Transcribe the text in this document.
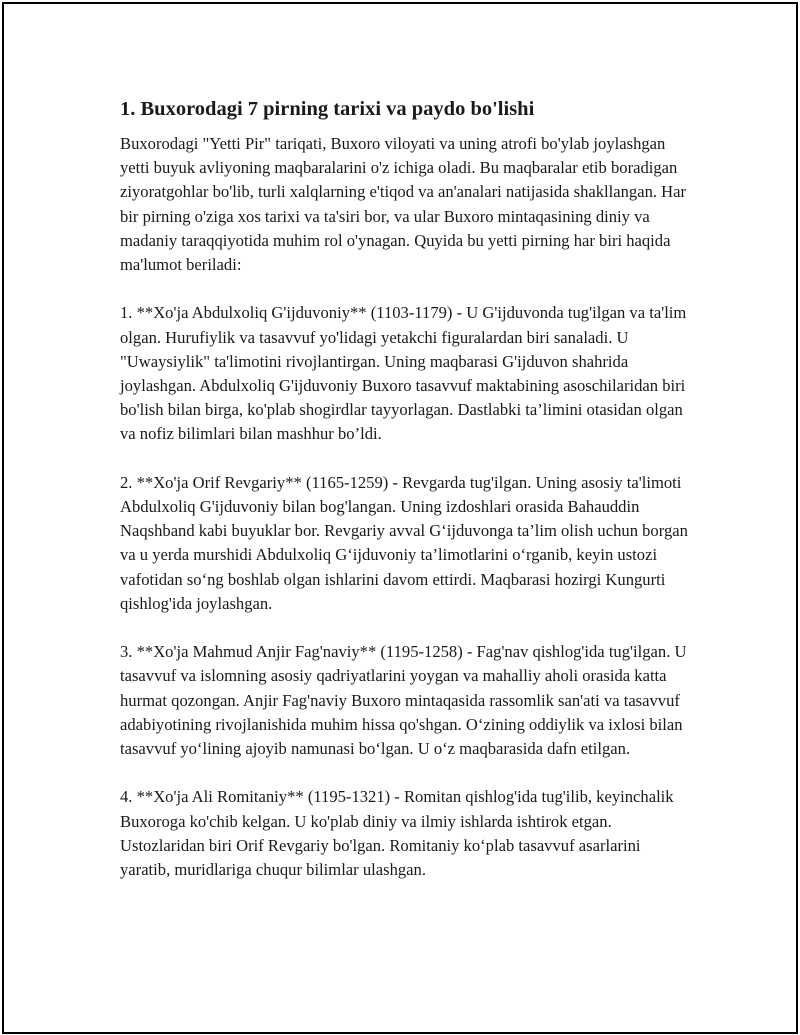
1. Buxorodagi 7 pirning tarixi va paydo bo'lishi

Buxorodagi "Yetti Pir" tariqati, Buxoro viloyati va uning atrofi bo'ylab joylashgan yetti buyuk avliyoning maqbaralarini o'z ichiga oladi. Bu maqbaralar etib boradigan ziyoratgohlar bo'lib, turli xalqlarning e'tiqod va an'analari natijasida shakllangan. Har bir pirning o'ziga xos tarixi va ta'siri bor, va ular Buxoro mintaqasining diniy va madaniy taraqqiyotida muhim rol o'ynagan. Quyida bu yetti pirning har biri haqida ma'lumot beriladi:

1. **Xo'ja Abdulxoliq G'ijduvoniy** (1103-1179) - U G'ijduvonda tug'ilgan va ta'lim olgan. Hurufiylik va tasavvuf yo'lidagi yetakchi figuralardan biri sanaladi. U "Uwaysiylik" ta'limotini rivojlantirgan. Uning maqbarasi G'ijduvon shahrida joylashgan. Abdulxoliq G'ijduvoniy Buxoro tasavvuf maktabining asoschilaridan biri bo'lish bilan birga, ko'plab shogirdlar tayyorlagan. Dastlabki ta’limini otasidan olgan va nofiz bilimlari bilan mashhur bo’ldi.

2. **Xo'ja Orif Revgariy** (1165-1259) - Revgarda tug'ilgan. Uning asosiy ta'limoti Abdulxoliq G'ijduvoniy bilan bog'langan. Uning izdoshlari orasida Bahauddin Naqshband kabi buyuklar bor. Revgariy avval G‘ijduvonga ta’lim olish uchun borgan va u yerda murshidi Abdulxoliq G‘ijduvoniy ta’limotlarini o‘rganib, keyin ustozi vafotidan so‘ng boshlab olgan ishlarini davom ettirdi. Maqbarasi hozirgi Kungurti qishlog'ida joylashgan.

3. **Xo'ja Mahmud Anjir Fag'naviy** (1195-1258) - Fag'nav qishlog'ida tug'ilgan. U tasavvuf va islomning asosiy qadriyatlarini yoygan va mahalliy aholi orasida katta hurmat qozongan. Anjir Fag'naviy Buxoro mintaqasida rassomlik san'ati va tasavvuf adabiyotining rivojlanishida muhim hissa qo'shgan. O‘zining oddiylik va ixlosi bilan tasavvuf yo‘lining ajoyib namunasi bo‘lgan. U o‘z maqbarasida dafn etilgan.

4. **Xo'ja Ali Romitaniy** (1195-1321) - Romitan qishlog'ida tug'ilib, keyinchalik Buxoroga ko'chib kelgan. U ko'plab diniy va ilmiy ishlarda ishtirok etgan. Ustozlaridan biri Orif Revgariy bo'lgan. Romitaniy ko‘plab tasavvuf asarlarini yaratib, muridlariga chuqur bilimlar ulashgan.
